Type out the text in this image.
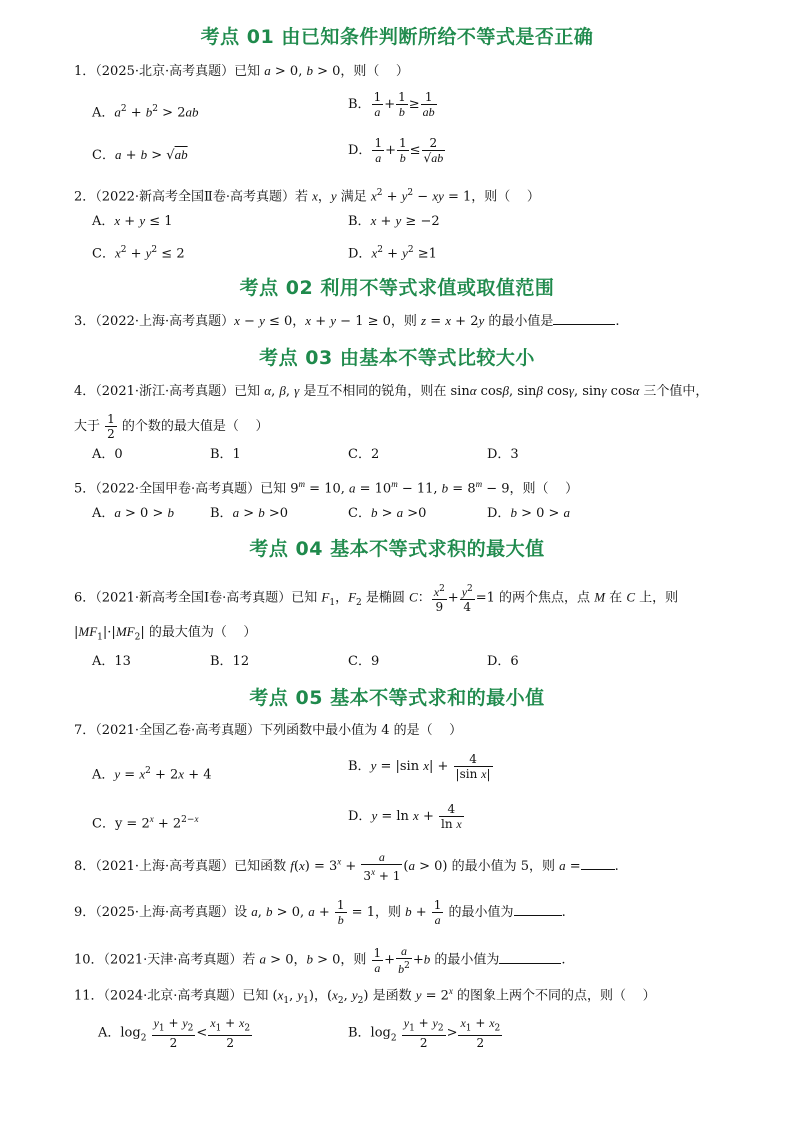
考点 01 由已知条件判断所给不等式是否正确
1．（2025·北京·高考真题）已知 a > 0, b > 0，则（    ）
A．$a^2 + b^2 > 2ab$	B． $\frac{1}{a} + \frac{1}{b} \ge \frac{1}{ab}$
C．a + b > √ab	D． $\frac{1}{a} + \frac{1}{b} \le \frac{2}{√ab}$
2．（2022·新高考全国Ⅱ卷·高考真题）若 x，y 满足 $x^2 + y^2$ − xy = 1，则（    ）
A．x + y ≤ 1	B．x + y ≥ −2
C．$x^2 + y^2 \le 2$	D．$x^2 + y^2 \ge 1$
考点 02 利用不等式求值或取值范围
3．（2022·上海·高考真题）x − y ≤ 0，x + y − 1 ≥ 0，则 z = x + 2y 的最小值是	.
考点 03 由基本不等式比较大小
4．（2021·浙江·高考真题）已知 α, β, γ 是互不相同的锐角，则在 sinα cosβ, sinβ cosγ, sinγ cosα 三个值中，
大于 $\frac{1}{2}$ 的个数的最大值是（    ）
A．0	B．1	C．2	D．3
5．（2022·全国甲卷·高考真题）已知 $9^m = 10$, $a = 10^m - 11$, $b = 8^m - 9$，则（    ）
A．a > 0 > b	B．a > b >0	C．b > a >0	D．b > 0 > a
考点 04 基本不等式求积的最大值
6．（2021·新高考全国Ⅰ卷·高考真题）已知 $F_1$，$F_2$ 是椭圆 C： $\frac{x^2}{9} + \frac{y^2}{4} =1$ 的两个焦点，点 M 在 C 上，则
$|MF_1|\cdot|MF_2|$ 的最大值为（    ）
A．13	B．12	C．9	D．6
考点 05 基本不等式求和的最小值
7．（2021·全国乙卷·高考真题）下列函数中最小值为 4 的是（    ）
A．$y = x^2 + 2x + 4$
B．y = |sin $x| + \frac{4}{\text{|sin x|}}$
C．$y = 2^x + 2^{2-x}$	D．$y = \ln x + \frac{4}{\text{ln x}}$
8．（2021·上海·高考真题）已知函数 $f(x) = 3^x + \frac{a}{3^x + 1} (a > 0)$ 的最小值为 5，则 a =	.
9．（2025·上海·高考真题）设 a, b > 0, $a + \frac{1}{b} = 1$，则 $b + \frac{1}{a}$ 的最小值为	.
10．（2021·天津·高考真题）若 a > 0，b > 0，则 $\frac{1}{a} + \frac{a}{b^2} +b$ 的最小值为	.
11．（2024·北京·高考真题）已知 ($x_1$, $y_1$)，($x_2$, $y_2$) 是函数 $y = 2^x$ 的图象上两个不同的点，则（    ）
A．$\log_2 \frac{y_1 + y_2}{2} < \frac{x_1 + x_2}{2}$	B．$\log_2 \frac{y_1 + y_2}{2} > \frac{x_1 + x_2}{2}$
